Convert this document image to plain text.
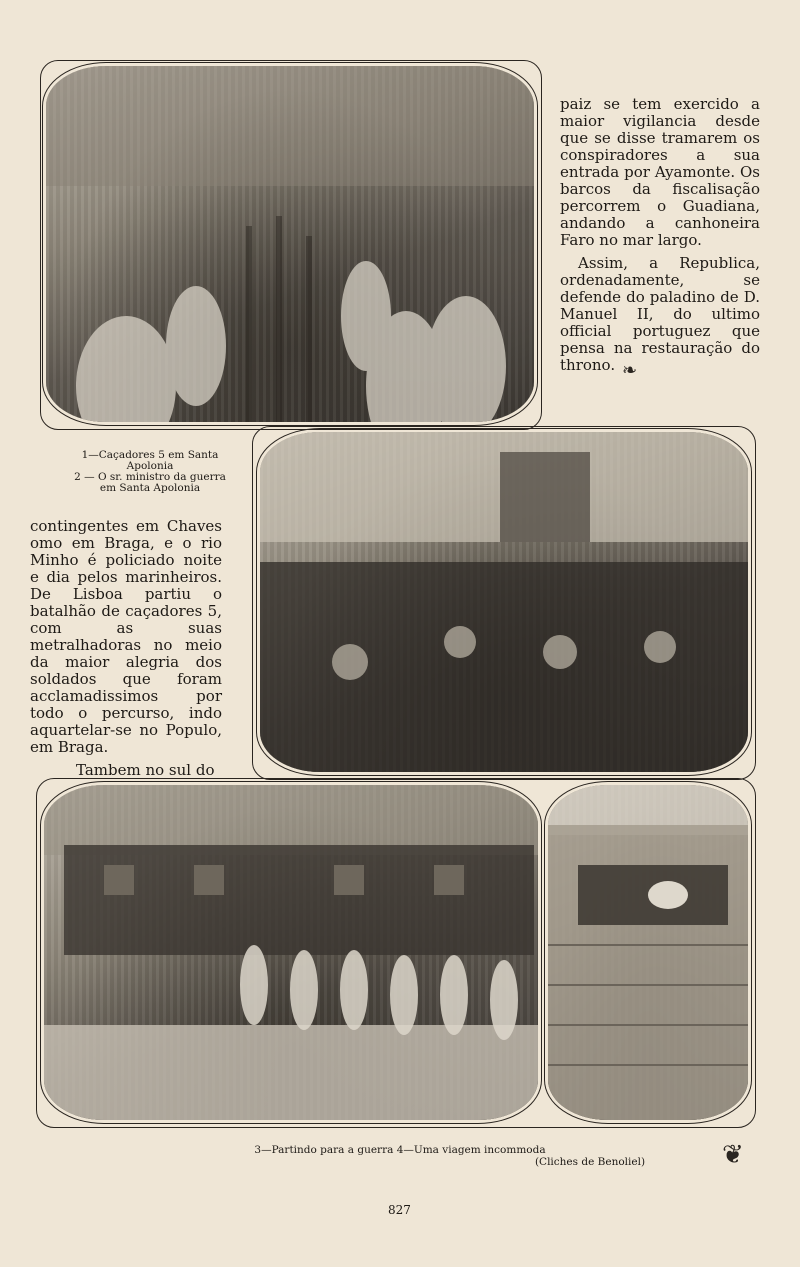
paiz se tem exercido a maior vigilancia desde que se disse tramarem os conspiradores a sua entrada por Ayamonte. Os barcos da fiscalisação percorrem o Guadiana, andando a canhoneira Faro no mar largo.

Assim, a Republica, ordenadamente, se defende do paladino de D. Manuel II, do ultimo official portuguez que pensa na restauração do throno. ❧
1—Caçadores 5 em Santa Apolonia
2 — O sr. ministro da guerra em Santa Apolonia

contingentes em Chaves omo em Braga, e o rio Minho é policiado noite e dia pelos marinheiros. De Lisboa partiu o batalhão de caçadores 5, com as suas metralhadoras no meio da maior alegria dos soldados que foram acclamadissimos por todo o percurso, indo aquartelar-se no Populo, em Braga.

Tambem no sul do

3—Partindo para a guerra 4—Uma viagem incommoda
(Cliches de Benoliel)	❦
827
